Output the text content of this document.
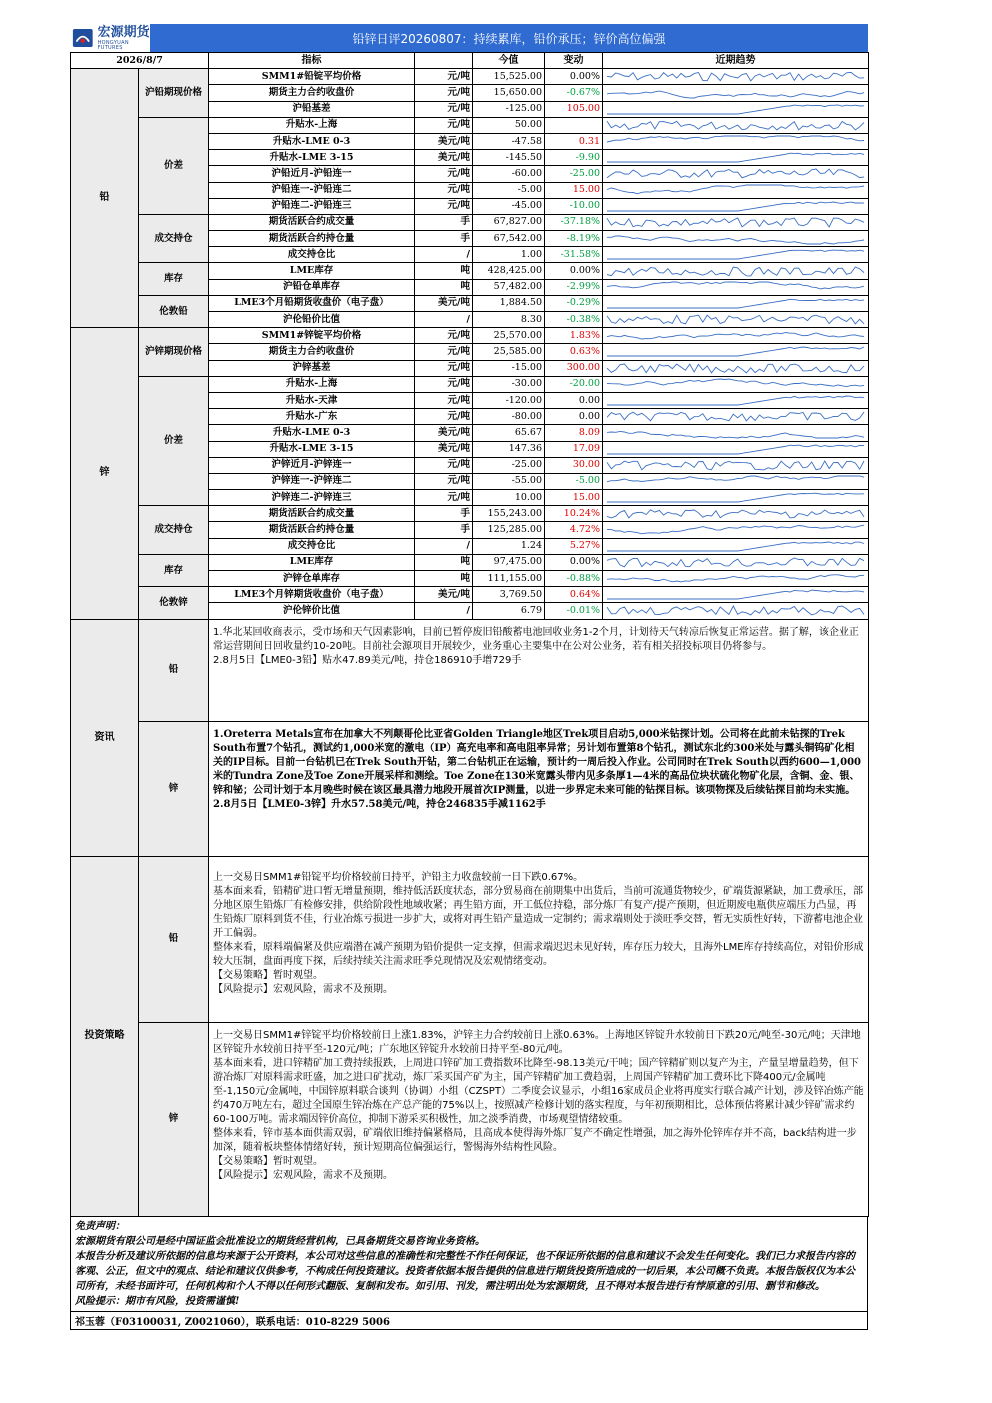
宏源期货
HONGYUAN FUTURES
铅锌日评20260807：持续累库，铅价承压；锌价高位偏强
2026/8/7		指标		今值	变动	近期趋势
铅	沪铅期现价格	SMM1#铅锭平均价格	元/吨	15,525.00	0.00%	

		期货主力合约收盘价	元/吨	15,650.00	-0.67%	

		沪铅基差	元/吨	-125.00	105.00	

	价差	升贴水-上海	元/吨	50.00		

		升贴水-LME 0-3	美元/吨	-47.58	0.31	

		升贴水-LME 3-15	美元/吨	-145.50	-9.90	

		沪铅近月-沪铅连一	元/吨	-60.00	-25.00	

		沪铅连一-沪铅连二	元/吨	-5.00	15.00	

		沪铅连二-沪铅连三	元/吨	-45.00	-10.00	

	成交持仓	期货活跃合约成交量	手	67,827.00	-37.18%	

		期货活跃合约持仓量	手	67,542.00	-8.19%	

		成交持仓比	/	1.00	-31.58%	

	库存	LME库存	吨	428,425.00	0.00%	

		沪铅仓单库存	吨	57,482.00	-2.99%	

	伦敦铅	LME3个月铅期货收盘价（电子盘）	美元/吨	1,884.50	-0.29%	

		沪伦铅价比值	/	8.30	-0.38%	

锌	沪锌期现价格	SMM1#锌锭平均价格	元/吨	25,570.00	1.83%	

		期货主力合约收盘价	元/吨	25,585.00	0.63%	

		沪锌基差	元/吨	-15.00	300.00	

	价差	升贴水-上海	元/吨	-30.00	-20.00	

		升贴水-天津	元/吨	-120.00	0.00	

		升贴水-广东	元/吨	-80.00	0.00	

		升贴水-LME 0-3	美元/吨	65.67	8.09	

		升贴水-LME 3-15	美元/吨	147.36	17.09	

		沪锌近月-沪锌连一	元/吨	-25.00	30.00	

		沪锌连一-沪锌连二	元/吨	-55.00	-5.00	

		沪锌连二-沪锌连三	元/吨	10.00	15.00	

	成交持仓	期货活跃合约成交量	手	155,243.00	10.24%	

		期货活跃合约持仓量	手	125,285.00	4.72%	

		成交持仓比	/	1.24	5.27%	

	库存	LME库存	吨	97,475.00	0.00%	

		沪锌仓单库存	吨	111,155.00	-0.88%	

	伦敦锌	LME3个月锌期货收盘价（电子盘）	美元/吨	3,769.50	0.64%	

		沪伦锌价比值	/	6.79	-0.01%	

资讯	铅	1.华北某回收商表示，受市场和天气因素影响，目前已暂停废旧铅酸蓄电池回收业务1-2个月，计划待天气转凉后恢复正常运营。据了解，该企业正常运营期间日回收量约10-20吨。目前社会源项目开展较少，业务重心主要集中在公对公业务，若有相关招投标项目仍将参与。

2.8月5日【LME0-3铅】贴水47.89美元/吨，持仓186910手增729手				

	锌	1.Oreterra Metals宣布在加拿大不列颠哥伦比亚省Golden Triangle地区Trek项目启动5,000米钻探计划。公司将在此前未钻探的Trek South布置7个钻孔，测试约1,000米宽的激电（IP）高充电率和高电阻率异常；另计划布置第8个钻孔，测试东北约300米处与露头铜钨矿化相关的IP目标。目前一台钻机已在Trek South开钻，第二台钻机正在运输，预计约一周后投入作业。公司同时在Trek South以西约600—1,000米的Tundra Zone及Toe Zone开展采样和测绘。Toe Zone在130米宽露头带内见多条厚1—4米的高品位块状硫化物矿化层，含铜、金、银、锌和铋；公司计划于本月晚些时候在该区最具潜力地段开展首次IP测量，以进一步界定未来可能的钻探目标。该项物探及后续钻探目前均未实施。

2.8月5日【LME0-3锌】升水57.58美元/吨，持仓246835手减1162手				

投资策略	铅	上一交易日SMM1#铅锭平均价格较前日持平，沪铅主力收盘较前一日下跌0.67%。

基本面来看，铅精矿进口暂无增量预期，维持低活跃度状态，部分贸易商在前期集中出货后，当前可流通货物较少，矿端货源紧缺，加工费承压，部分地区原生铅炼厂有检修安排，供给阶段性地域收紧；再生铅方面，开工低位持稳，部分炼厂有复产/提产预期，但近期废电瓶供应端压力凸显，再生铅炼厂原料到货不佳，行业冶炼亏损进一步扩大，或将对再生铅产量造成一定制约；需求端则处于淡旺季交替，暂无实质性好转，下游蓄电池企业开工偏弱。

整体来看，原料端偏紧及供应端潜在减产预期为铅价提供一定支撑，但需求端迟迟未见好转，库存压力较大，且海外LME库存持续高位，对铅价形成较大压制，盘面再度下探，后续持续关注需求旺季兑现情况及宏观情绪变动。

【交易策略】暂时观望。

【风险提示】宏观风险，需求不及预期。				

	锌	上一交易日SMM1#锌锭平均价格较前日上涨1.83%，沪锌主力合约较前日上涨0.63%。上海地区锌锭升水较前日下跌20元/吨至-30元/吨；天津地区锌锭升水较前日持平至-120元/吨；广东地区锌锭升水较前日持平至-80元/吨。

基本面来看，进口锌精矿加工费持续报跌，上周进口锌矿加工费指数环比降至-98.13美元/干吨；国产锌精矿则以复产为主，产量呈增量趋势，但下游冶炼厂对原料需求旺盛，加之进口矿扰动，炼厂采买国产矿为主，国产锌精矿加工费趋弱，上周国产锌精矿加工费环比下降400元/金属吨至-1,150元/金属吨，中国锌原料联合谈判（协调）小组（CZSPT）二季度会议显示，小组16家成员企业将再度实行联合减产计划，涉及锌冶炼产能约470万吨左右，超过全国原生锌冶炼在产总产能的75%以上，按照减产检修计划的落实程度，与年初预期相比，总体预估将累计减少锌矿需求约60-100万吨。需求端因锌价高位，抑制下游采买积极性，加之淡季消费，市场观望情绪较重。

整体来看，锌市基本面供需双弱，矿端依旧维持偏紧格局，且高成本使得海外炼厂复产不确定性增强，加之海外伦锌库存并不高，back结构进一步加深，随着板块整体情绪好转，预计短期高位偏强运行，警惕海外结构性风险。

【交易策略】暂时观望。

【风险提示】宏观风险，需求不及预期。				

免责声明：

宏源期货有限公司是经中国证监会批准设立的期货经营机构，已具备期货交易咨询业务资格。

本报告分析及建议所依据的信息均来源于公开资料，本公司对这些信息的准确性和完整性不作任何保证，也不保证所依据的信息和建议不会发生任何变化。我们已力求报告内容的客观、公正，但文中的观点、结论和建议仅供参考，不构成任何投资建议。投资者依据本报告提供的信息进行期货投资所造成的一切后果，本公司概不负责。本报告版权仅为本公司所有，未经书面许可，任何机构和个人不得以任何形式翻版、复制和发布。如引用、刊发，需注明出处为宏源期货，且不得对本报告进行有悖原意的引用、删节和修改。

风险提示：期市有风险，投资需谨慎!

祁玉蓉（F03100031, Z0021060），联系电话：010-8229 5006
